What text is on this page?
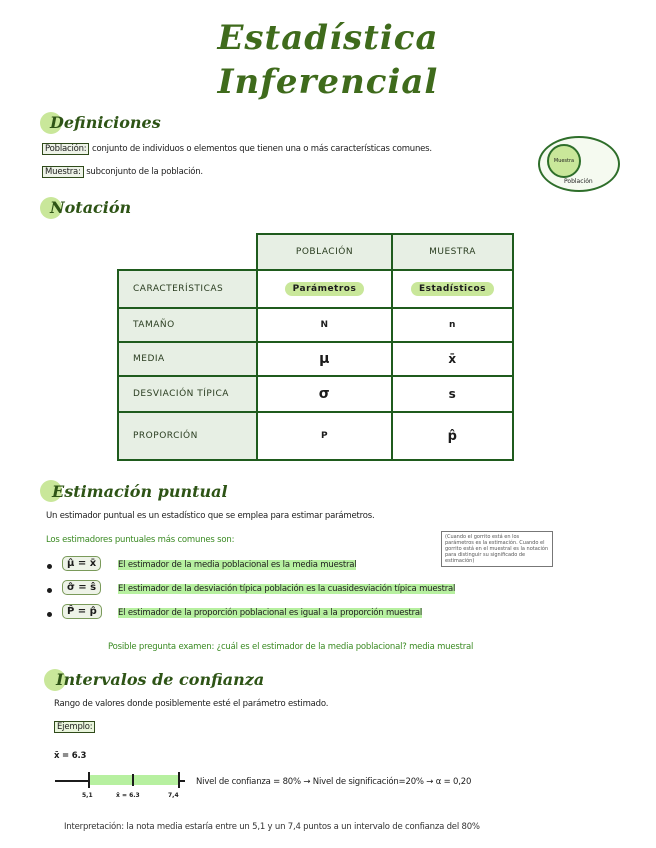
Estadística
Inferencial
Definiciones
Población: conjunto de individuos o elementos que tienen una o más características comunes.
Muestra: subconjunto de la población.
Muestra
Población
Notación
	POBLACIÓN	MUESTRA
CARACTERÍSTICAS	Parámetros	Estadísticos
TAMAÑO	N	n
MEDIA	μ	x̄
DESVIACIÓN TÍPICA	σ	s
PROPORCIÓN	P	p̂
Estimación puntual
Un estimador puntual es un estadístico que se emplea para estimar parámetros.
Los estimadores puntuales más comunes son:	(Cuando el gorrito está en los parámetros es la estimación. Cuando el gorrito está en el muestral es la notación para distinguir su significado de estimación)
μ̂ = x̄	El estimador de la media poblacional es la media muestral
σ̂ = ŝ	El estimador de la desviación típica población es la cuasidesviación típica muestral
P̂ = p̂	El estimador de la proporción poblacional es igual a la proporción muestral
Posible pregunta examen: ¿cuál es el estimador de la media poblacional? media muestral
Intervalos de confianza
Rango de valores donde posiblemente esté el parámetro estimado.
Ejemplo:
x̄ = 6.3
5,1	x̄ = 6.3	7,4
Nivel de confianza = 80% → Nivel de significación=20% → α = 0,20
Interpretación: la nota media estaría entre un 5,1 y un 7,4 puntos a un intervalo de confianza del 80%
